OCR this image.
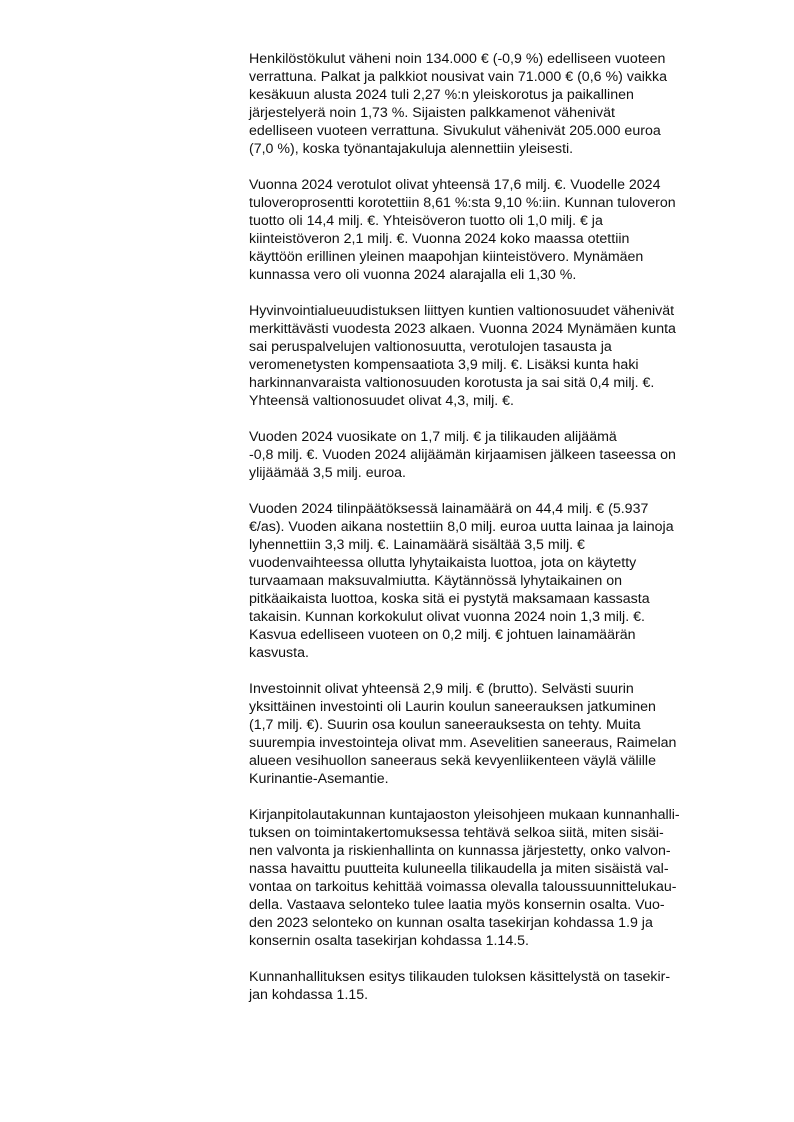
Henkilöstökulut väheni noin 134.000 € (-0,9 %) edelliseen vuoteen
verrattuna. Palkat ja palkkiot nousivat vain 71.000 € (0,6 %) vaikka
kesäkuun alusta 2024 tuli 2,27 %:n yleiskorotus ja paikallinen
järjestelyerä noin 1,73 %. Sijaisten palkkamenot vähenivät
edelliseen vuoteen verrattuna. Sivukulut vähenivät 205.000 euroa
(7,0 %), koska työnantajakuluja alennettiin yleisesti.
Vuonna 2024 verotulot olivat yhteensä 17,6 milj. €. Vuodelle 2024
tuloveroprosentti korotettiin 8,61 %:sta 9,10 %:iin. Kunnan tuloveron
tuotto oli 14,4 milj. €. Yhteisöveron tuotto oli 1,0 milj. € ja
kiinteistöveron 2,1 milj. €. Vuonna 2024 koko maassa otettiin
käyttöön erillinen yleinen maapohjan kiinteistövero. Mynämäen
kunnassa vero oli vuonna 2024 alarajalla eli 1,30 %.
Hyvinvointialueuudistuksen liittyen kuntien valtionosuudet vähenivät
merkittävästi vuodesta 2023 alkaen. Vuonna 2024 Mynämäen kunta
sai peruspalvelujen valtionosuutta, verotulojen tasausta ja
veromenetysten kompensaatiota 3,9 milj. €. Lisäksi kunta haki
harkinnanvaraista valtionosuuden korotusta ja sai sitä 0,4 milj. €.
Yhteensä valtionosuudet olivat 4,3, milj. €.
Vuoden 2024 vuosikate on 1,7 milj. € ja tilikauden alijäämä
-0,8 milj. €. Vuoden 2024 alijäämän kirjaamisen jälkeen taseessa on
ylijäämää 3,5 milj. euroa.
Vuoden 2024 tilinpäätöksessä lainamäärä on 44,4 milj. € (5.937
€/as). Vuoden aikana nostettiin 8,0 milj. euroa uutta lainaa ja lainoja
lyhennettiin 3,3 milj. €. Lainamäärä sisältää 3,5 milj. €
vuodenvaihteessa ollutta lyhytaikaista luottoa, jota on käytetty
turvaamaan maksuvalmiutta. Käytännössä lyhytaikainen on
pitkäaikaista luottoa, koska sitä ei pystytä maksamaan kassasta
takaisin. Kunnan korkokulut olivat vuonna 2024 noin 1,3 milj. €.
Kasvua edelliseen vuoteen on 0,2 milj. € johtuen lainamäärän
kasvusta.
Investoinnit olivat yhteensä 2,9 milj. € (brutto). Selvästi suurin
yksittäinen investointi oli Laurin koulun saneerauksen jatkuminen
(1,7 milj. €). Suurin osa koulun saneerauksesta on tehty. Muita
suurempia investointeja olivat mm. Asevelitien saneeraus, Raimelan
alueen vesihuollon saneeraus sekä kevyenliikenteen väylä välille
Kurinantie-Asemantie.
Kirjanpitolautakunnan kuntajaoston yleisohjeen mukaan kunnanhalli-
tuksen on toimintakertomuksessa tehtävä selkoa siitä, miten sisäi-
nen valvonta ja riskienhallinta on kunnassa järjestetty, onko valvon-
nassa havaittu puutteita kuluneella tilikaudella ja miten sisäistä val-
vontaa on tarkoitus kehittää voimassa olevalla taloussuunnittelukau-
della. Vastaava selonteko tulee laatia myös konsernin osalta. Vuo-
den 2023 selonteko on kunnan osalta tasekirjan kohdassa 1.9 ja
konsernin osalta tasekirjan kohdassa 1.14.5.
Kunnanhallituksen esitys tilikauden tuloksen käsittelystä on tasekir-
jan kohdassa 1.15.
